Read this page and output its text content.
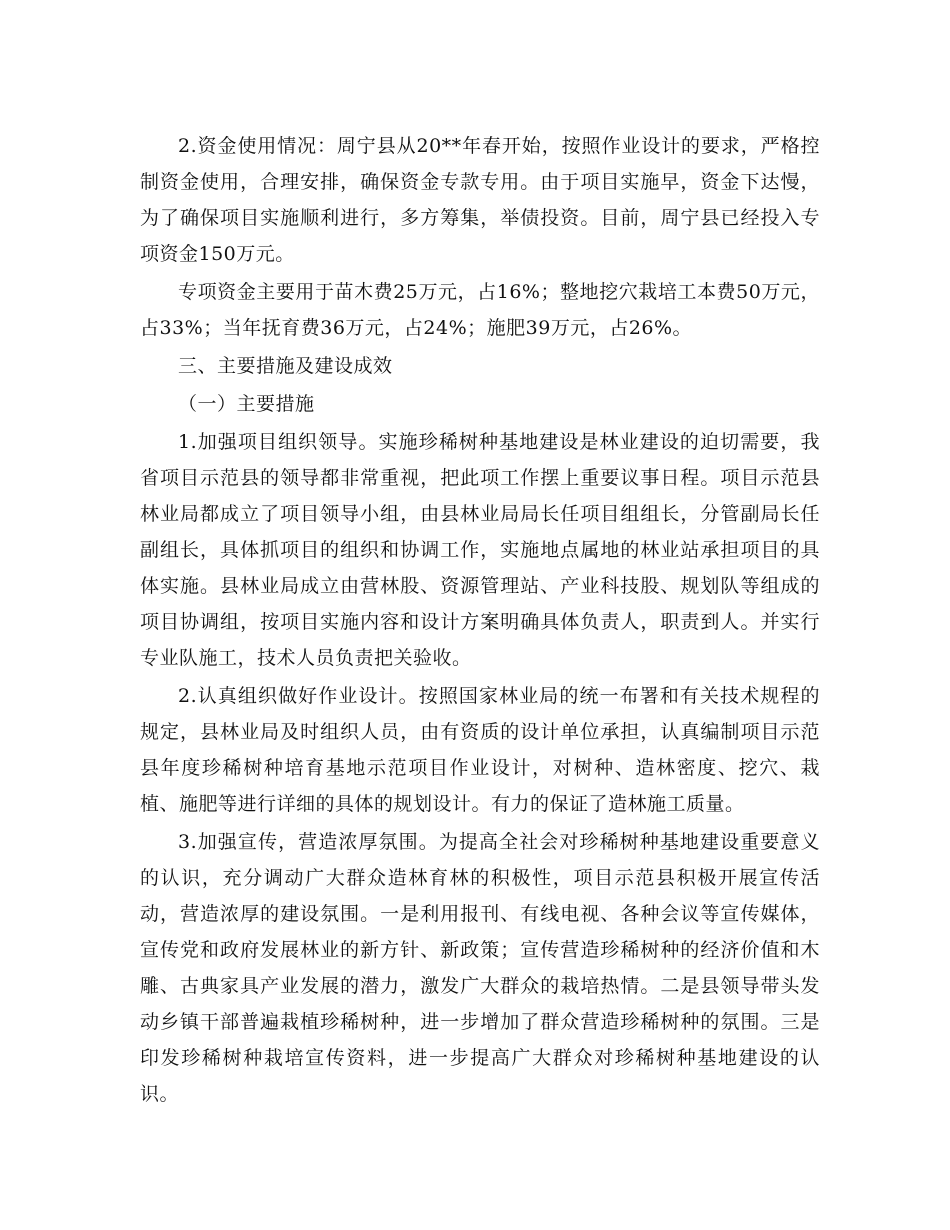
2.资金使用情况：周宁县从20**年春开始，按照作业设计的要求，严格控制资金使用，合理安排，确保资金专款专用。由于项目实施早，资金下达慢，为了确保项目实施顺利进行，多方筹集，举债投资。目前，周宁县已经投入专项资金150万元。

专项资金主要用于苗木费25万元，占16%；整地挖穴栽培工本费50万元，占33%；当年抚育费36万元，占24%；施肥39万元，占26%。

三、主要措施及建设成效

（一）主要措施

1.加强项目组织领导。实施珍稀树种基地建设是林业建设的迫切需要，我省项目示范县的领导都非常重视，把此项工作摆上重要议事日程。项目示范县林业局都成立了项目领导小组，由县林业局局长任项目组组长，分管副局长任副组长，具体抓项目的组织和协调工作，实施地点属地的林业站承担项目的具体实施。县林业局成立由营林股、资源管理站、产业科技股、规划队等组成的项目协调组，按项目实施内容和设计方案明确具体负责人，职责到人。并实行专业队施工，技术人员负责把关验收。

2.认真组织做好作业设计。按照国家林业局的统一布署和有关技术规程的规定，县林业局及时组织人员，由有资质的设计单位承担，认真编制项目示范县年度珍稀树种培育基地示范项目作业设计，对树种、造林密度、挖穴、栽植、施肥等进行详细的具体的规划设计。有力的保证了造林施工质量。

3.加强宣传，营造浓厚氛围。为提高全社会对珍稀树种基地建设重要意义的认识，充分调动广大群众造林育林的积极性，项目示范县积极开展宣传活动，营造浓厚的建设氛围。一是利用报刊、有线电视、各种会议等宣传媒体，宣传党和政府发展林业的新方针、新政策；宣传营造珍稀树种的经济价值和木雕、古典家具产业发展的潜力，激发广大群众的栽培热情。二是县领导带头发动乡镇干部普遍栽植珍稀树种，进一步增加了群众营造珍稀树种的氛围。三是印发珍稀树种栽培宣传资料，进一步提高广大群众对珍稀树种基地建设的认识。
